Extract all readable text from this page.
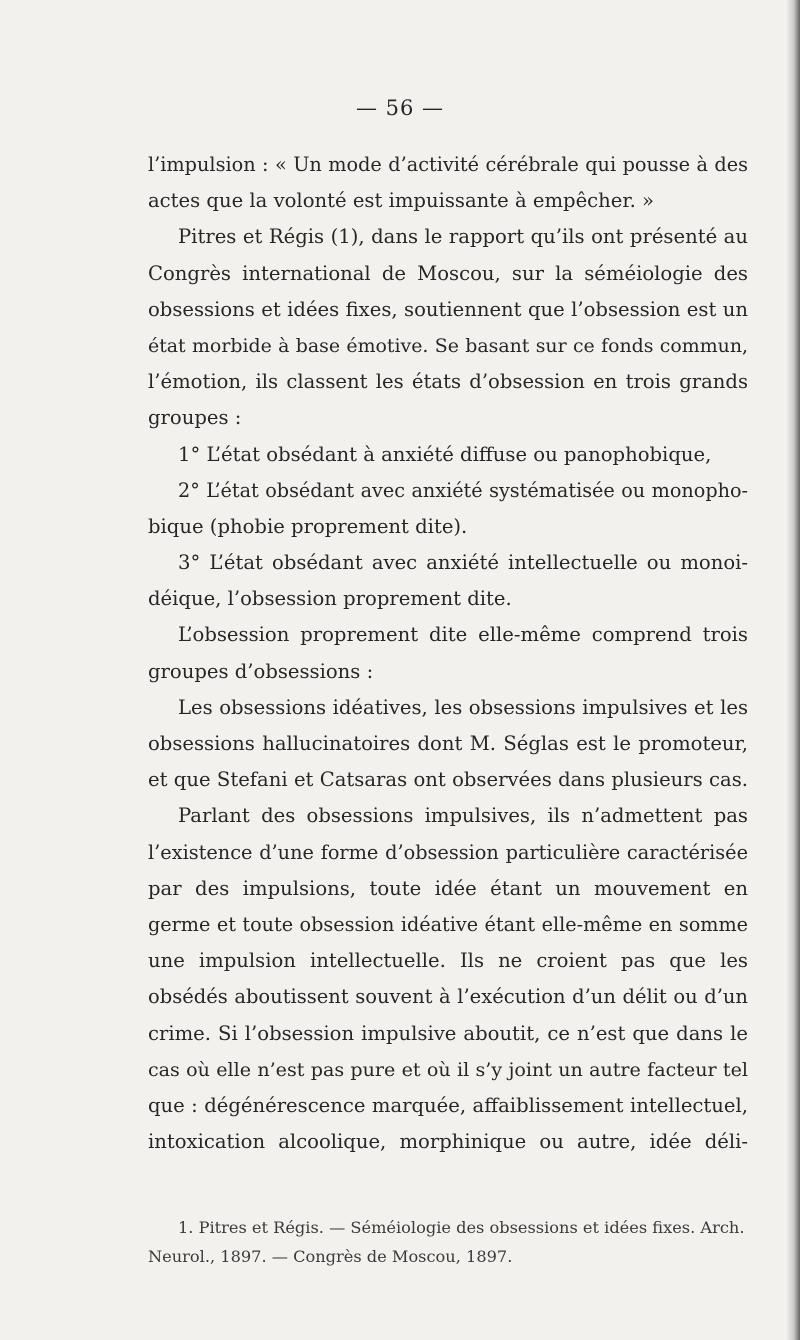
— 56 —
l’impulsion : « Un mode d’activité cérébrale qui pousse à des
actes que la volonté est impuissante à empêcher. »
Pitres et Régis (1), dans le rapport qu’ils ont présenté au
Congrès international de Moscou, sur la séméiologie des
obsessions et idées fixes, soutiennent que l’obsession est un
état morbide à base émotive. Se basant sur ce fonds commun,
l’émotion, ils classent les états d’obsession en trois grands
groupes :
1° L’état obsédant à anxiété diffuse ou panophobique,
2° L’état obsédant avec anxiété systématisée ou monopho-
bique (phobie proprement dite).
3° L’état obsédant avec anxiété intellectuelle ou monoi-
déique, l’obsession proprement dite.
L’obsession proprement dite elle-même comprend trois
groupes d’obsessions :
Les obsessions idéatives, les obsessions impulsives et les
obsessions hallucinatoires dont M. Séglas est le promoteur,
et que Stefani et Catsaras ont observées dans plusieurs cas.
Parlant des obsessions impulsives, ils n’admettent pas
l’existence d’une forme d’obsession particulière caractérisée
par des impulsions, toute idée étant un mouvement en
germe et toute obsession idéative étant elle-même en somme
une impulsion intellectuelle. Ils ne croient pas que les
obsédés aboutissent souvent à l’exécution d’un délit ou d’un
crime. Si l’obsession impulsive aboutit, ce n’est que dans le
cas où elle n’est pas pure et où il s’y joint un autre facteur tel
que : dégénérescence marquée, affaiblissement intellectuel,
intoxication alcoolique, morphinique ou autre, idée déli-
1. Pitres et Régis. — Séméiologie des obsessions et idées fixes. Arch.
Neurol., 1897. — Congrès de Moscou, 1897.
